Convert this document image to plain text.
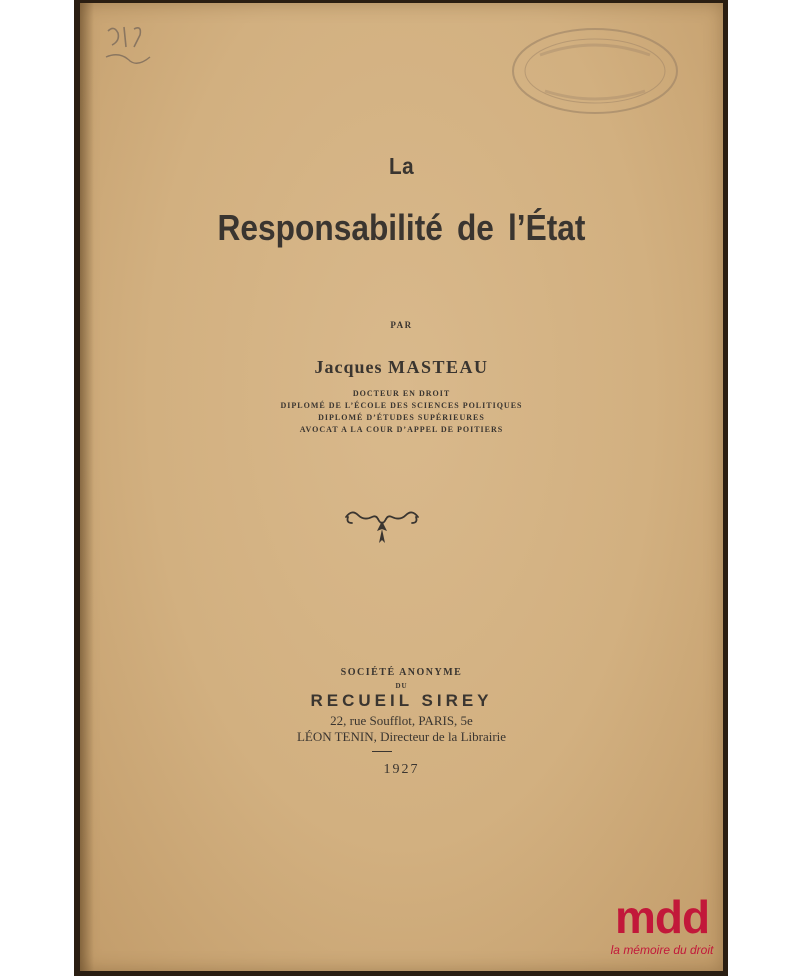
La
Responsabilité de l’État
PAR
Jacques MASTEAU
DOCTEUR EN DROIT
DIPLOMÉ DE L’ÉCOLE DES SCIENCES POLITIQUES
DIPLOMÉ D’ÉTUDES SUPÉRIEURES
AVOCAT A LA COUR D’APPEL DE POITIERS
SOCIÉTÉ ANONYME
DU
RECUEIL SIREY
22, rue Soufflot, PARIS, 5e
LÉON TENIN, Directeur de la Librairie
1927
mdd
la mémoire du droit
